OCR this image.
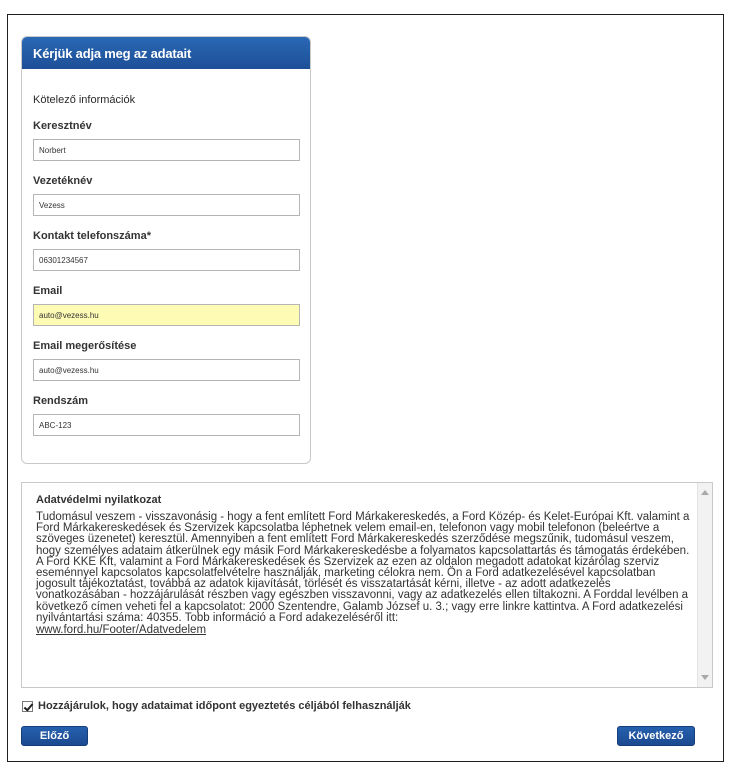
Kérjük adja meg az adatait
Kötelező információk
Keresztnév
Norbert
Vezetéknév
Vezess
Kontakt telefonszáma*
06301234567
Email
auto@vezess.hu
Email megerősítése
auto@vezess.hu
Rendszám
ABC-123
Adatvédelmi nyilatkozat

Tudomásul veszem - visszavonásig - hogy a fent említett Ford Márkakereskedés, a Ford Közép- és Kelet-Európai Kft. valamint a Ford Márkakereskedések és Szervizek kapcsolatba léphetnek velem email-en, telefonon vagy mobil telefonon (beleértve a szöveges üzenetet) keresztül. Amennyiben a fent említett Ford Márkakereskedés szerződése megszűnik, tudomásul veszem, hogy személyes adataim átkerülnek egy másik Ford Márkakereskedésbe a folyamatos kapcsolattartás és támogatás érdekében. A Ford KKE Kft, valamint a Ford Márkakereskedések és Szervizek az ezen az oldalon megadott adatokat kizárólag szerviz eseménnyel kapcsolatos kapcsolatfelvételre használják, marketing célokra nem. Ön a Ford adatkezelésével kapcsolatban jogosult tájékoztatást, továbbá az adatok kijavítását, törlését és visszatartását kérni, illetve - az adott adatkezelés vonatkozásában - hozzájárulását részben vagy egészben visszavonni, vagy az adatkezelés ellen tiltakozni. A Forddal levélben a következő címen veheti fel a kapcsolatot: 2000 Szentendre, Galamb József u. 3.; vagy erre linkre kattintva. A Ford adatkezelési nyilvántartási száma: 40355. Tobb információ a Ford adakezeléséről itt:

www.ford.hu/Footer/Adatvedelem
Hozzájárulok, hogy adataimat időpont egyeztetés céljából felhasználják
Előző	Következő
